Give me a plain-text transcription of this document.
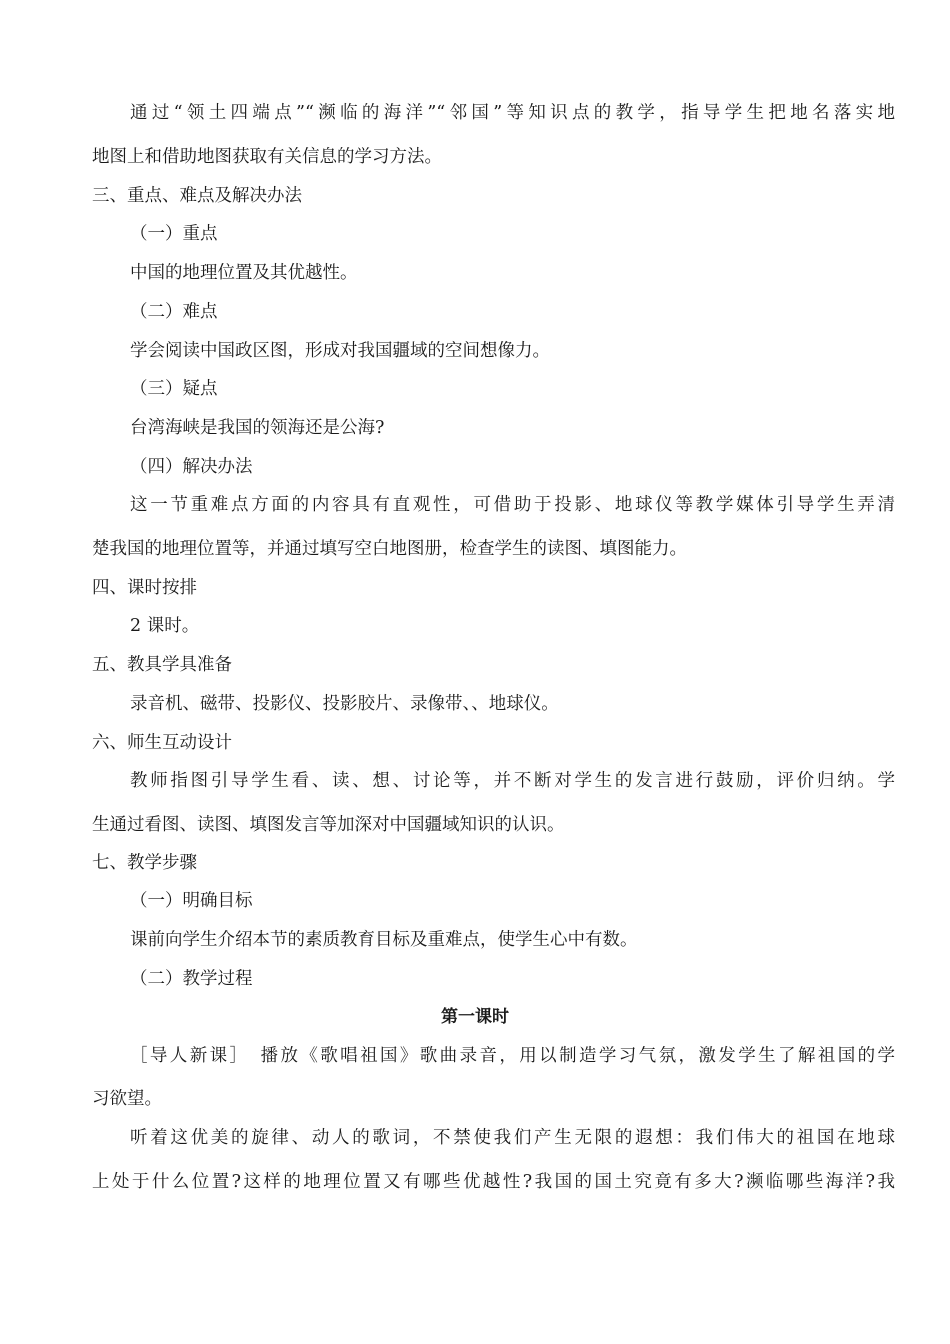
通过“领土四端点”“濒临的海洋”“邻国”等知识点的教学，指导学生把地名落实地
地图上和借助地图获取有关信息的学习方法。
三、重点、难点及解决办法
（一）重点
中国的地理位置及其优越性。
（二）难点
学会阅读中国政区图，形成对我国疆域的空间想像力。
（三）疑点
台湾海峡是我国的领海还是公海?
（四）解决办法
这一节重难点方面的内容具有直观性，可借助于投影、地球仪等教学媒体引导学生弄清
楚我国的地理位置等，并通过填写空白地图册，检查学生的读图、填图能力。
四、课时按排
2 课时。
五、教具学具准备
录音机、磁带、投影仪、投影胶片、录像带、、地球仪。
六、师生互动设计
教师指图引导学生看、读、想、讨论等，并不断对学生的发言进行鼓励，评价归纳。学
生通过看图、读图、填图发言等加深对中国疆域知识的认识。
七、教学步骤
（一）明确目标
课前向学生介绍本节的素质教育目标及重难点，使学生心中有数。
（二）教学过程
第一课时
［导人新课］　播放《歌唱祖国》歌曲录音，用以制造学习气氛，激发学生了解祖国的学
习欲望。
听着这优美的旋律、动人的歌词，不禁使我们产生无限的遐想：我们伟大的祖国在地球
上处于什么位置?这样的地理位置又有哪些优越性?我国的国土究竟有多大?濒临哪些海洋?我
